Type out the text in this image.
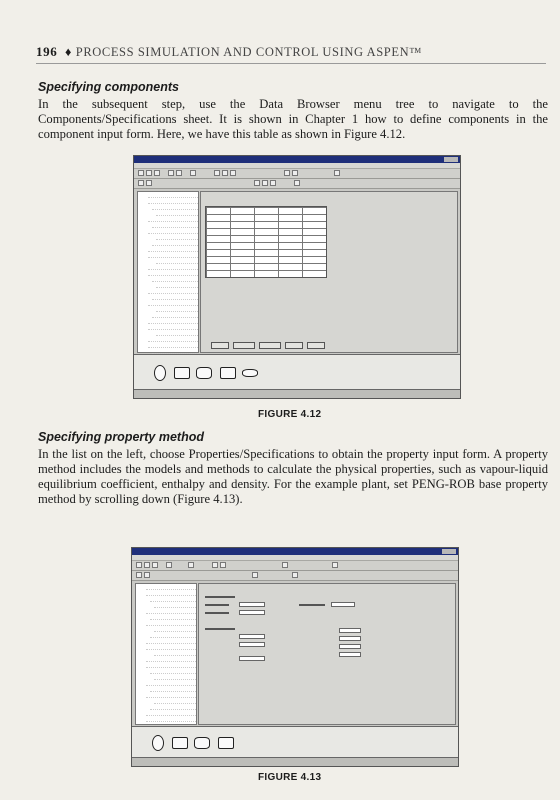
196 ♦ PROCESS SIMULATION AND CONTROL USING ASPEN™
Specifying components

In the subsequent step, use the Data Browser menu tree to navigate to the Components/Specifications sheet. It is shown in Chapter 1 how to define components in the component input form. Here, we have this table as shown in Figure 4.12.

FIGURE 4.12
Specifying property method

In the list on the left, choose Properties/Specifications to obtain the property input form. A property method includes the models and methods to calculate the physical properties, such as vapour-liquid equilibrium coefficient, enthalpy and density. For the example plant, set PENG-ROB base property method by scrolling down (Figure 4.13).

FIGURE 4.13
